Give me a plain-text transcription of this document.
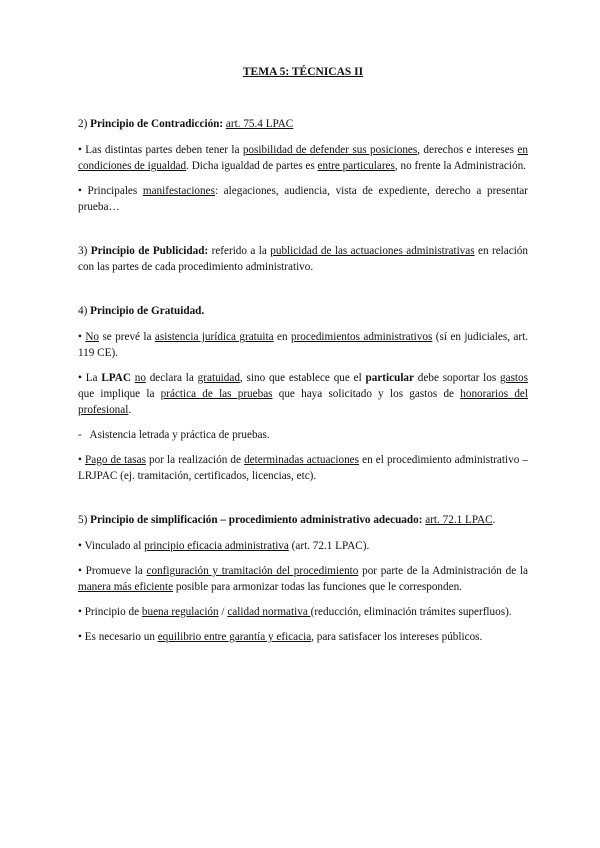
TEMA 5: TÉCNICAS II

2) Principio de Contradicción: art. 75.4 LPAC

• Las distintas partes deben tener la posibilidad de defender sus posiciones, derechos e intereses en condiciones de igualdad. Dicha igualdad de partes es entre particulares, no frente la Administración.

• Principales manifestaciones: alegaciones, audiencia, vista de expediente, derecho a presentar prueba…

3) Principio de Publicidad: referido a la publicidad de las actuaciones administrativas en relación con las partes de cada procedimiento administrativo.

4) Principio de Gratuidad.

• No se prevé la asistencia jurídica gratuita en procedimientos administrativos (sí en judiciales, art. 119 CE).

• La LPAC no declara la gratuidad, sino que establece que el particular debe soportar los gastos que implique la práctica de las pruebas que haya solicitado y los gastos de honorarios del profesional.

-   Asistencia letrada y práctica de pruebas.

• Pago de tasas por la realización de determinadas actuaciones en el procedimiento administrativo – LRJPAC (ej. tramitación, certificados, licencias, etc).

5) Principio de simplificación – procedimiento administrativo adecuado: art. 72.1 LPAC.

• Vinculado al principio eficacia administrativa (art. 72.1 LPAC).

• Promueve la configuración y tramitación del procedimiento por parte de la Administración de la manera más eficiente posible para armonizar todas las funciones que le corresponden.

• Principio de buena regulación / calidad normativa (reducción, eliminación trámites superfluos).

• Es necesario un equilibrio entre garantía y eficacia, para satisfacer los intereses públicos.
